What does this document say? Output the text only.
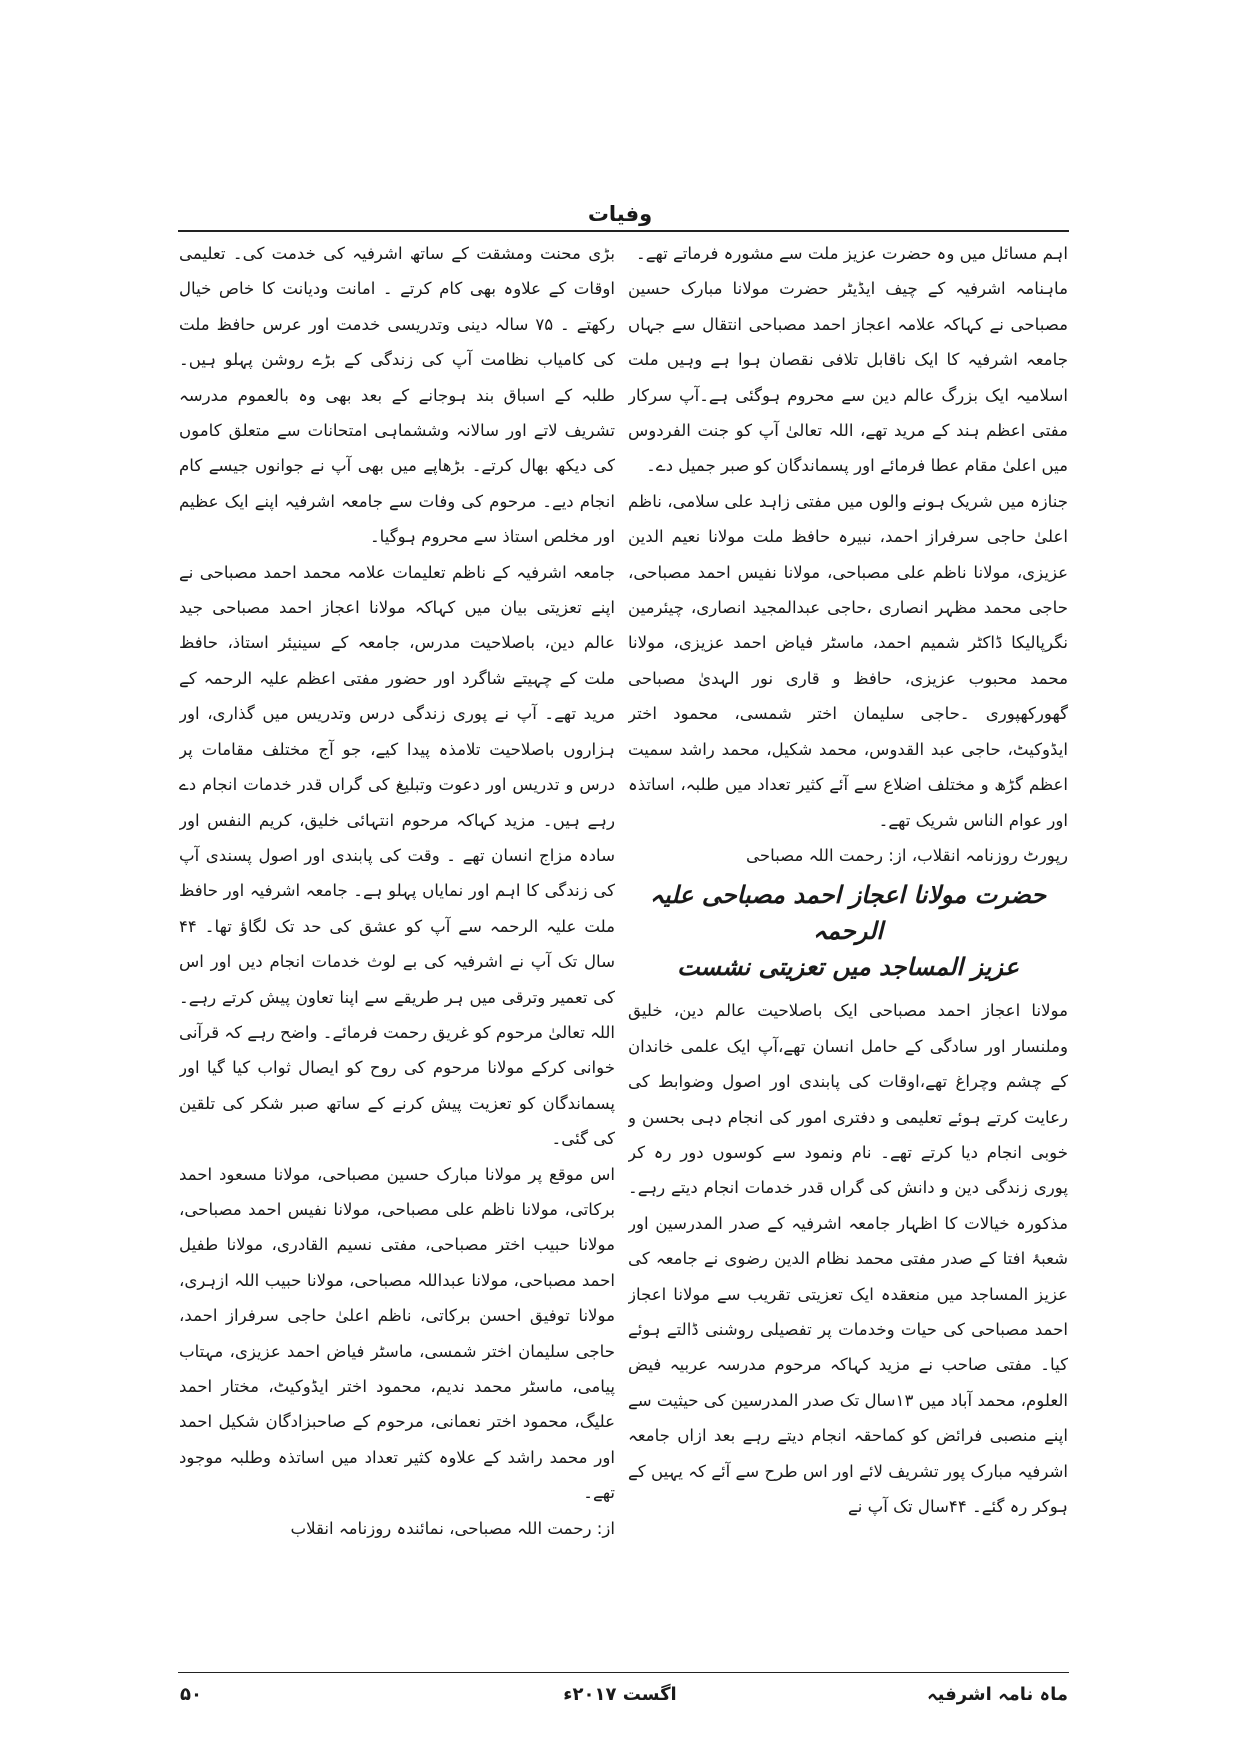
وفیات

اہم مسائل میں وہ حضرت عزیز ملت سے مشورہ فرماتے تھے۔

ماہنامہ اشرفیہ کے چیف ایڈیٹر حضرت مولانا مبارک حسین مصباحی نے کہاکہ علامہ اعجاز احمد مصباحی انتقال سے جہاں جامعہ اشرفیہ کا ایک ناقابل تلافی نقصان ہوا ہے وہیں ملت اسلامیہ ایک بزرگ عالم دین سے محروم ہوگئی ہے۔آپ سرکار مفتی اعظم ہند کے مرید تھے، اللہ تعالیٰ آپ کو جنت الفردوس میں اعلیٰ مقام عطا فرمائے اور پسماندگان کو صبر جمیل دے۔

جنازہ میں شریک ہونے والوں میں مفتی زاہد علی سلامی، ناظم اعلیٰ حاجی سرفراز احمد، نبیرہ حافظ ملت مولانا نعیم الدین عزیزی، مولانا ناظم علی مصباحی، مولانا نفیس احمد مصباحی، حاجی محمد مظہر انصاری ،حاجی عبدالمجید انصاری، چیئرمین نگرپالیکا ڈاکٹر شمیم احمد، ماسٹر فیاض احمد عزیزی، مولانا محمد محبوب عزیزی، حافظ و قاری نور الہدیٰ مصباحی گھورکھپوری ۔حاجی سلیمان اختر شمسی، محمود اختر ایڈوکیٹ، حاجی عبد القدوس، محمد شکیل، محمد راشد سمیت اعظم گڑھ و مختلف اضلاع سے آئے کثیر تعداد میں طلبہ، اساتذہ اور عوام الناس شریک تھے۔

رپورٹ روزنامہ انقلاب، از: رحمت اللہ مصباحی

حضرت مولانا اعجاز احمد مصباحی علیہ الرحمہ
عزیز المساجد میں تعزیتی نشست

مولانا اعجاز احمد مصباحی ایک باصلاحیت عالم دین، خلیق وملنسار اور سادگی کے حامل انسان تھے،آپ ایک علمی خاندان کے چشم وچراغ تھے،اوقات کی پابندی اور اصول وضوابط کی رعایت کرتے ہوئے تعلیمی و دفتری امور کی انجام دہی بحسن و خوبی انجام دیا کرتے تھے۔ نام ونمود سے کوسوں دور رہ کر پوری زندگی دین و دانش کی گراں قدر خدمات انجام دیتے رہے۔ مذکورہ خیالات کا اظہار جامعہ اشرفیہ کے صدر المدرسین اور شعبۂ افتا کے صدر مفتی محمد نظام الدین رضوی نے جامعہ کی عزیز المساجد میں منعقدہ ایک تعزیتی تقریب سے مولانا اعجاز احمد مصباحی کی حیات وخدمات پر تفصیلی روشنی ڈالتے ہوئے کیا۔ مفتی صاحب نے مزید کہاکہ مرحوم مدرسہ عربیہ فیض العلوم، محمد آباد میں ۱۳سال تک صدر المدرسین کی حیثیت سے اپنے منصبی فرائض کو کماحقہ انجام دیتے رہے بعد ازاں جامعہ اشرفیہ مبارک پور تشریف لائے اور اس طرح سے آئے کہ یہیں کے ہوکر رہ گئے۔ ۴۴سال تک آپ نے

بڑی محنت ومشقت کے ساتھ اشرفیہ کی خدمت کی۔ تعلیمی اوقات کے علاوہ بھی کام کرتے ۔ امانت ودیانت کا خاص خیال رکھتے ۔ ۷۵ سالہ دینی وتدریسی خدمت اور عرس حافظ ملت کی کامیاب نظامت آپ کی زندگی کے بڑے روشن پہلو ہیں۔ طلبہ کے اسباق بند ہوجانے کے بعد بھی وہ بالعموم مدرسہ تشریف لاتے اور سالانہ وششماہی امتحانات سے متعلق کاموں کی دیکھ بھال کرتے۔ بڑھاپے میں بھی آپ نے جوانوں جیسے کام انجام دیے۔ مرحوم کی وفات سے جامعہ اشرفیہ اپنے ایک عظیم اور مخلص استاذ سے محروم ہوگیا۔

جامعہ اشرفیہ کے ناظم تعلیمات علامہ محمد احمد مصباحی نے اپنے تعزیتی بیان میں کہاکہ مولانا اعجاز احمد مصباحی جید عالم دین، باصلاحیت مدرس، جامعہ کے سینیئر استاذ، حافظ ملت کے چہیتے شاگرد اور حضور مفتی اعظم علیہ الرحمہ کے مرید تھے۔ آپ نے پوری زندگی درس وتدریس میں گذاری، اور ہزاروں باصلاحیت تلامذہ پیدا کیے، جو آج مختلف مقامات پر درس و تدریس اور دعوت وتبلیغ کی گراں قدر خدمات انجام دے رہے ہیں۔ مزید کہاکہ مرحوم انتہائی خلیق، کریم النفس اور سادہ مزاج انسان تھے ۔ وقت کی پابندی اور اصول پسندی آپ کی زندگی کا اہم اور نمایاں پہلو ہے۔ جامعہ اشرفیہ اور حافظ ملت علیہ الرحمہ سے آپ کو عشق کی حد تک لگاؤ تھا۔ ۴۴ سال تک آپ نے اشرفیہ کی بے لوث خدمات انجام دیں اور اس کی تعمیر وترقی میں ہر طریقے سے اپنا تعاون پیش کرتے رہے۔ اللہ تعالیٰ مرحوم کو غریق رحمت فرمائے۔ واضح رہے کہ قرآنی خوانی کرکے مولانا مرحوم کی روح کو ایصال ثواب کیا گیا اور پسماندگان کو تعزیت پیش کرنے کے ساتھ صبر شکر کی تلقین کی گئی۔

اس موقع پر مولانا مبارک حسین مصباحی، مولانا مسعود احمد برکاتی، مولانا ناظم علی مصباحی، مولانا نفیس احمد مصباحی، مولانا حبیب اختر مصباحی، مفتی نسیم القادری، مولانا طفیل احمد مصباحی، مولانا عبداللہ مصباحی، مولانا حبیب اللہ ازہری، مولانا توفیق احسن برکاتی، ناظم اعلیٰ حاجی سرفراز احمد، حاجی سلیمان اختر شمسی، ماسٹر فیاض احمد عزیزی، مہتاب پیامی، ماسٹر محمد ندیم، محمود اختر ایڈوکیٹ، مختار احمد علیگ، محمود اختر نعمانی، مرحوم کے صاحبزادگان شکیل احمد اور محمد راشد کے علاوہ کثیر تعداد میں اساتذہ وطلبہ موجود تھے۔

از: رحمت اللہ مصباحی، نمائندہ روزنامہ انقلاب

ماہ نامہ اشرفیہ
اگست ۲۰۱۷ء
۵۰
